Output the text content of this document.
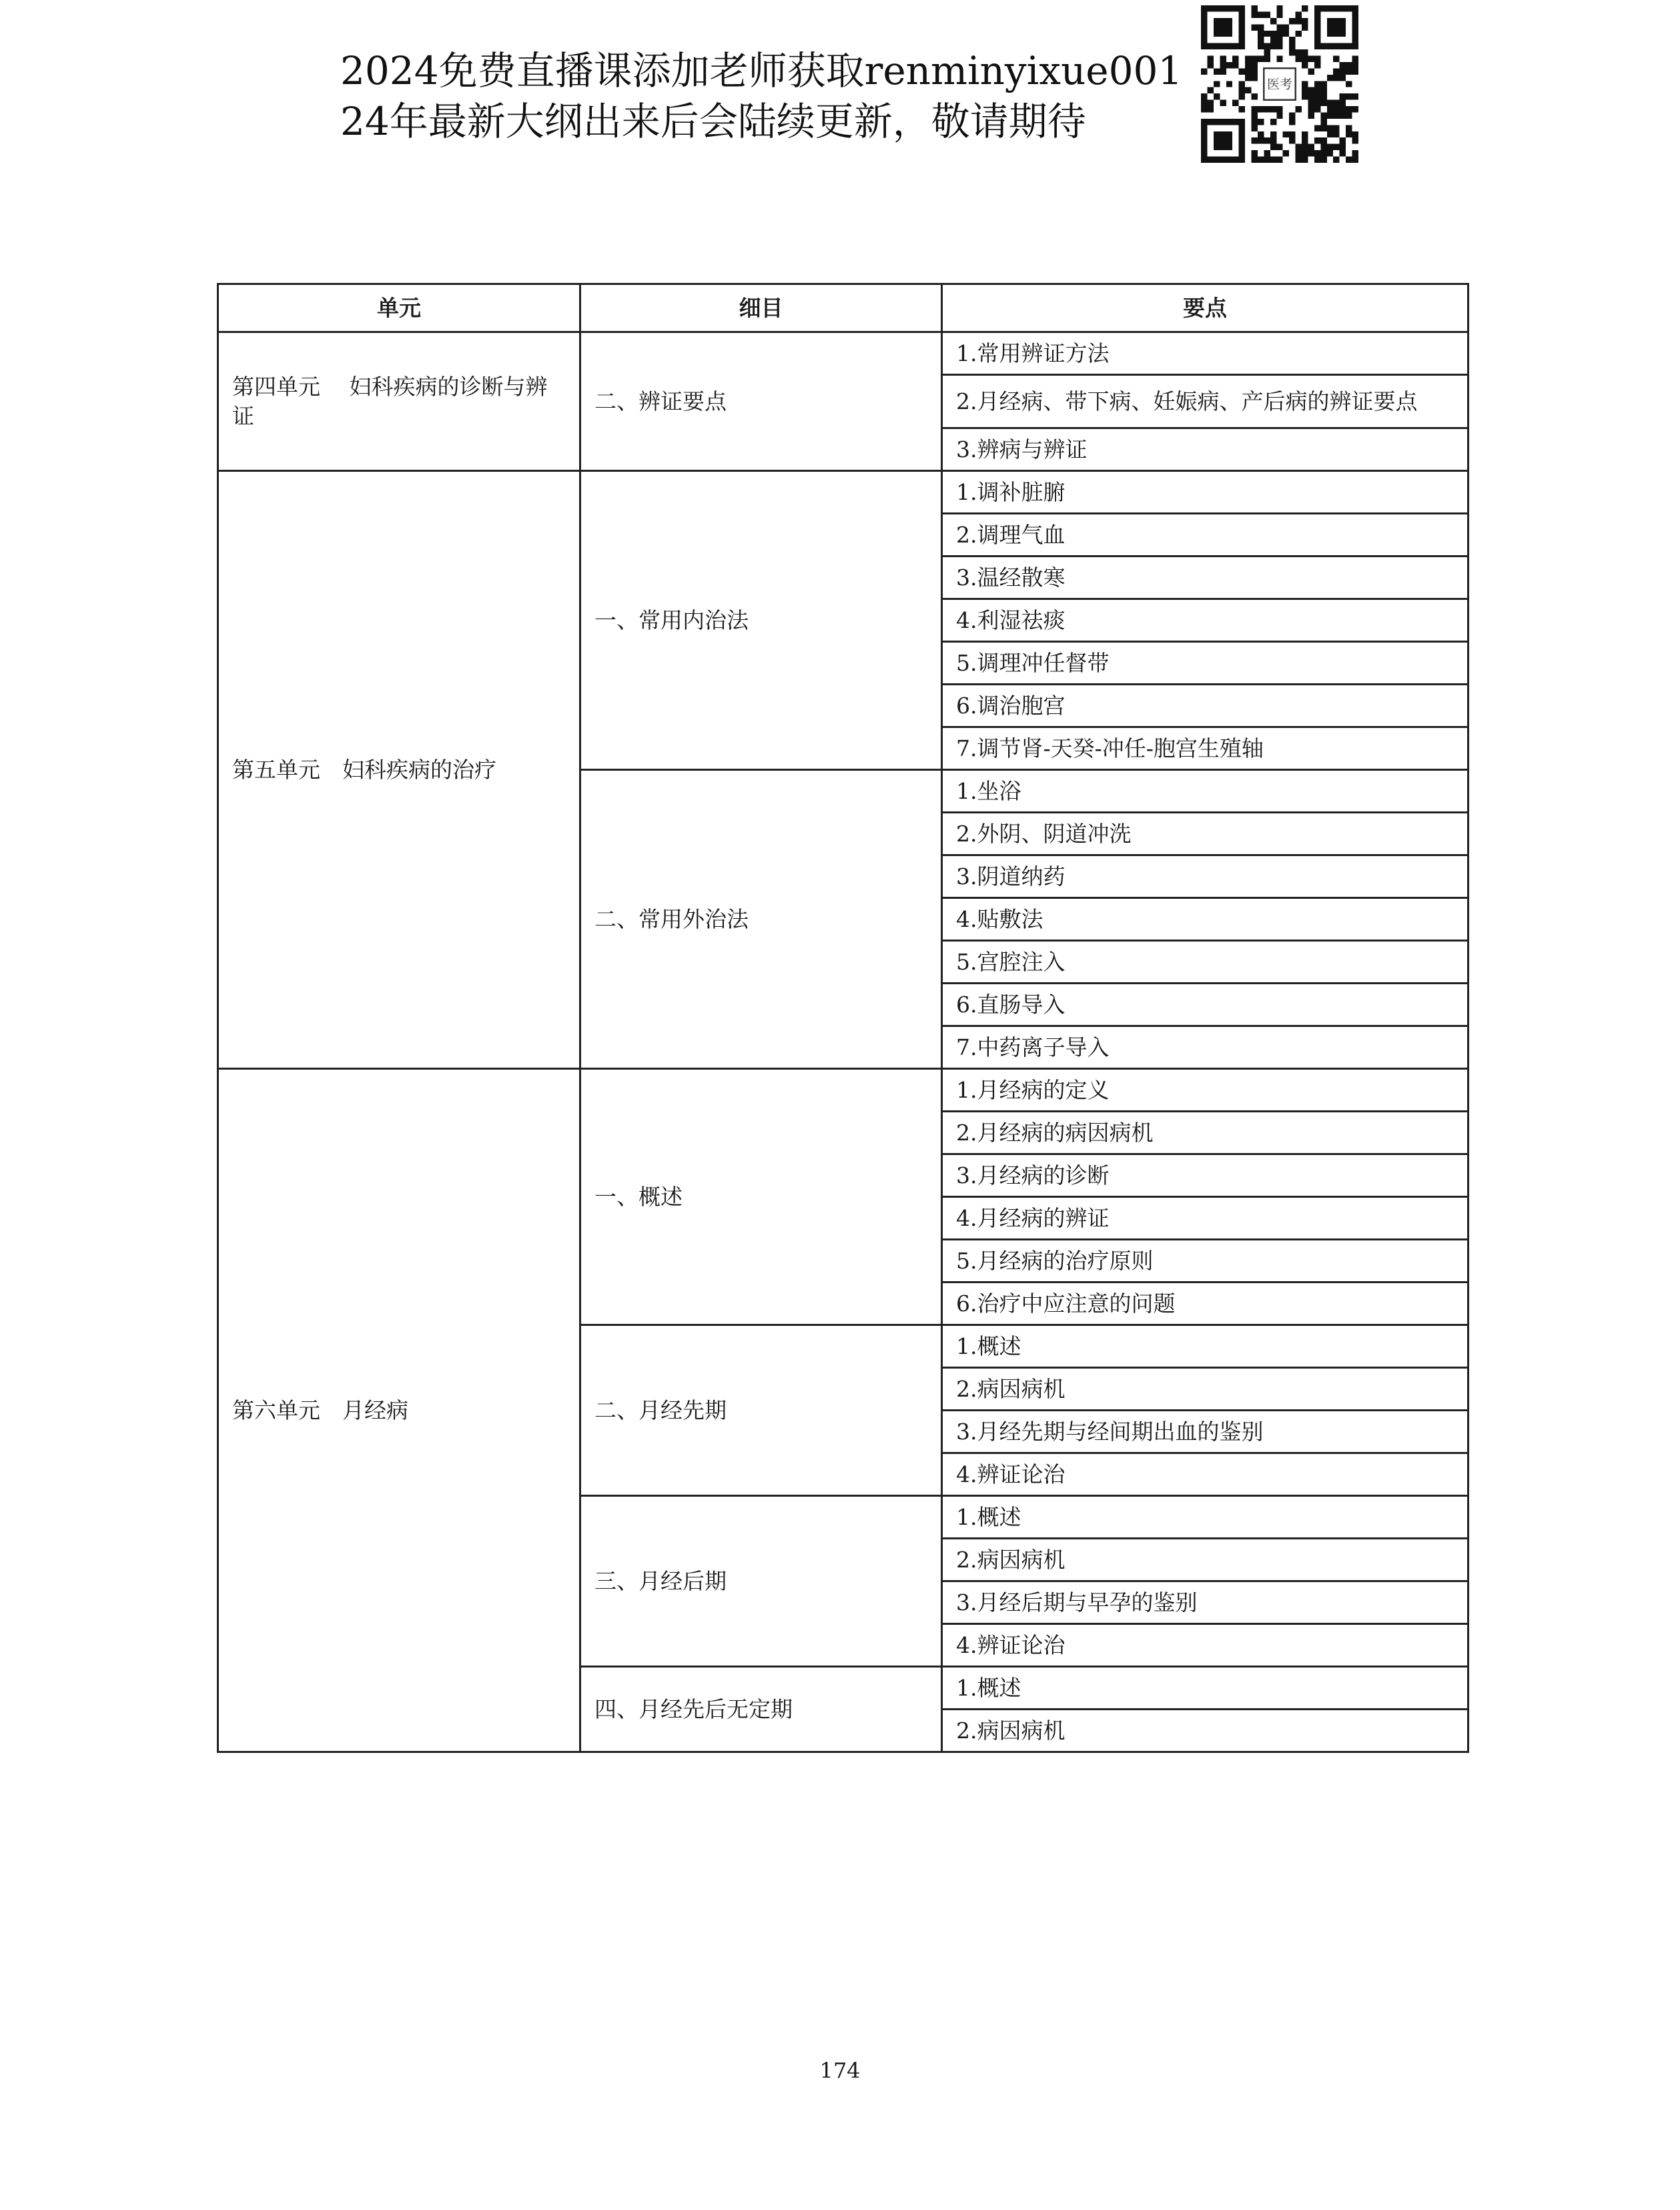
2024免费直播课添加老师获取renminyixue001
24年最新大纲出来后会陆续更新，敬请期待
医考
单元	细目	要点
第四单元　 妇科疾病的诊断与辨证	二、辨证要点	1.常用辨证方法
		2.月经病、带下病、妊娠病、产后病的辨证要点
		3.辨病与辨证
第五单元　妇科疾病的治疗	一、常用内治法	1.调补脏腑
		2.调理气血
		3.温经散寒
		4.利湿祛痰
		5.调理冲任督带
		6.调治胞宫
		7.调节肾-天癸-冲任-胞宫生殖轴
	二、常用外治法	1.坐浴
		2.外阴、阴道冲洗
		3.阴道纳药
		4.贴敷法
		5.宫腔注入
		6.直肠导入
		7.中药离子导入
第六单元　月经病	一、概述	1.月经病的定义
		2.月经病的病因病机
		3.月经病的诊断
		4.月经病的辨证
		5.月经病的治疗原则
		6.治疗中应注意的问题
	二、月经先期	1.概述
		2.病因病机
		3.月经先期与经间期出血的鉴别
		4.辨证论治
	三、月经后期	1.概述
		2.病因病机
		3.月经后期与早孕的鉴别
		4.辨证论治
	四、月经先后无定期	1.概述
		2.病因病机
174
